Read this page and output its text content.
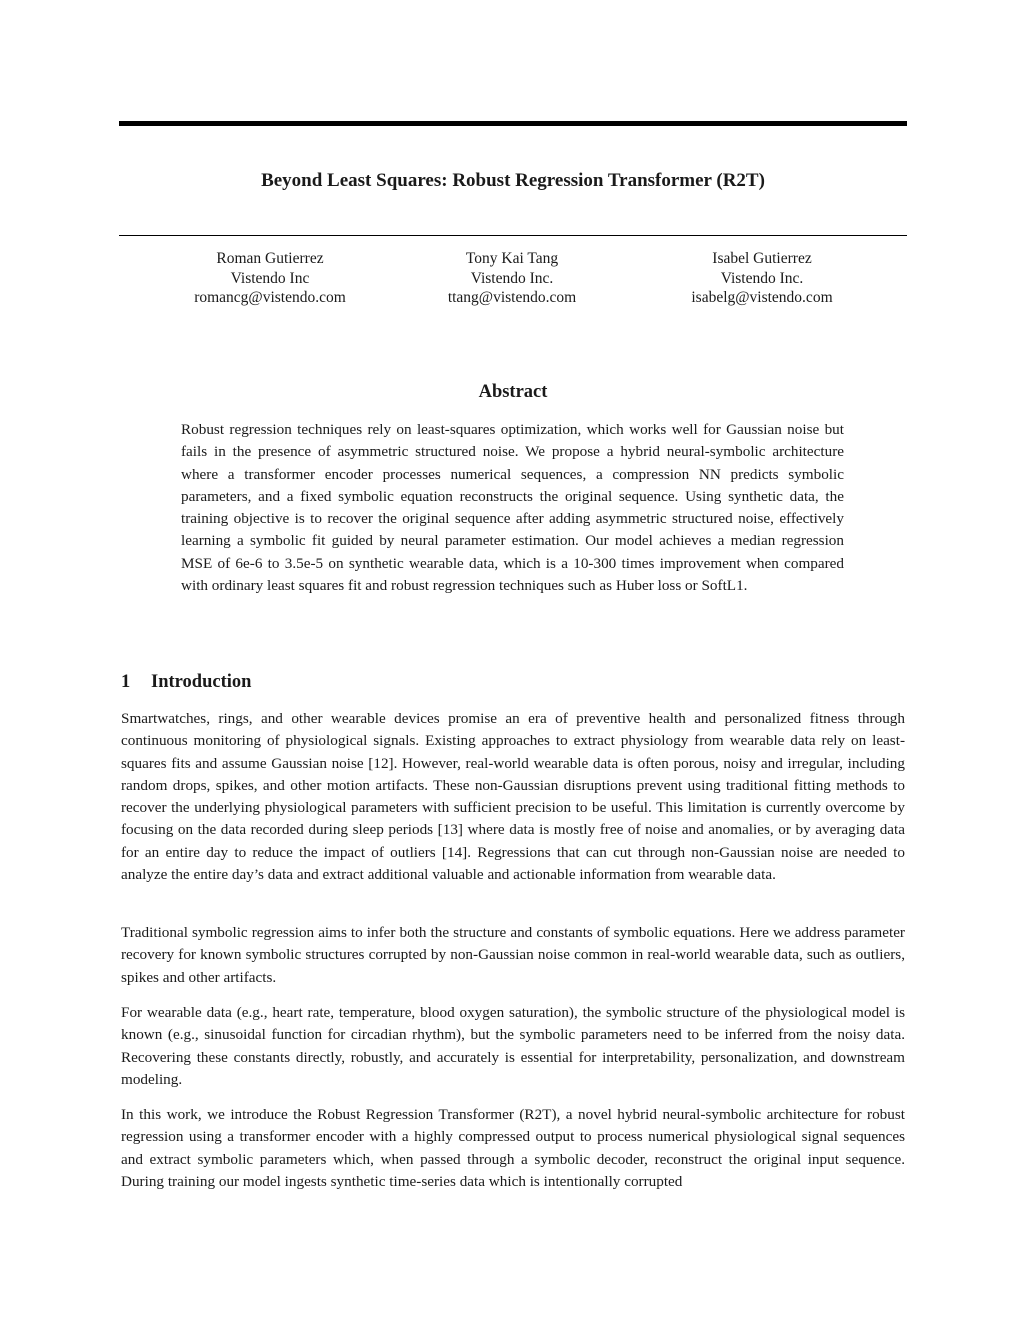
Beyond Least Squares: Robust Regression Transformer (R2T)
Roman Gutierrez
Vistendo Inc
romancg@vistendo.com
Tony Kai Tang
Vistendo Inc.
ttang@vistendo.com
Isabel Gutierrez
Vistendo Inc.
isabelg@vistendo.com
Abstract

Robust regression techniques rely on least-squares optimization, which works well for Gaussian noise but fails in the presence of asymmetric structured noise. We propose a hybrid neural-symbolic architecture where a transformer encoder processes numerical sequences, a compression NN predicts symbolic parameters, and a fixed symbolic equation reconstructs the original sequence. Using synthetic data, the training objective is to recover the original sequence after adding asymmetric structured noise, effectively learning a symbolic fit guided by neural parameter estimation. Our model achieves a median regression MSE of 6e-6 to 3.5e-5 on synthetic wearable data, which is a 10-300 times improvement when compared with ordinary least squares fit and robust regression techniques such as Huber loss or SoftL1.

1 Introduction

Smartwatches, rings, and other wearable devices promise an era of preventive health and personalized fitness through continuous monitoring of physiological signals. Existing approaches to extract physiology from wearable data rely on least-squares fits and assume Gaussian noise [12]. However, real-world wearable data is often porous, noisy and irregular, including random drops, spikes, and other motion artifacts. These non-Gaussian disruptions prevent using traditional fitting methods to recover the underlying physiological parameters with sufficient precision to be useful. This limitation is currently overcome by focusing on the data recorded during sleep periods [13] where data is mostly free of noise and anomalies, or by averaging data for an entire day to reduce the impact of outliers [14]. Regressions that can cut through non-Gaussian noise are needed to analyze the entire day’s data and extract additional valuable and actionable information from wearable data.

Traditional symbolic regression aims to infer both the structure and constants of symbolic equations. Here we address parameter recovery for known symbolic structures corrupted by non-Gaussian noise common in real-world wearable data, such as outliers, spikes and other artifacts.

For wearable data (e.g., heart rate, temperature, blood oxygen saturation), the symbolic structure of the physiological model is known (e.g., sinusoidal function for circadian rhythm), but the symbolic parameters need to be inferred from the noisy data. Recovering these constants directly, robustly, and accurately is essential for interpretability, personalization, and downstream modeling.

In this work, we introduce the Robust Regression Transformer (R2T), a novel hybrid neural-symbolic architecture for robust regression using a transformer encoder with a highly compressed output to process numerical physiological signal sequences and extract symbolic parameters which, when passed through a symbolic decoder, reconstruct the original input sequence. During training our model ingests synthetic time-series data which is intentionally corrupted
